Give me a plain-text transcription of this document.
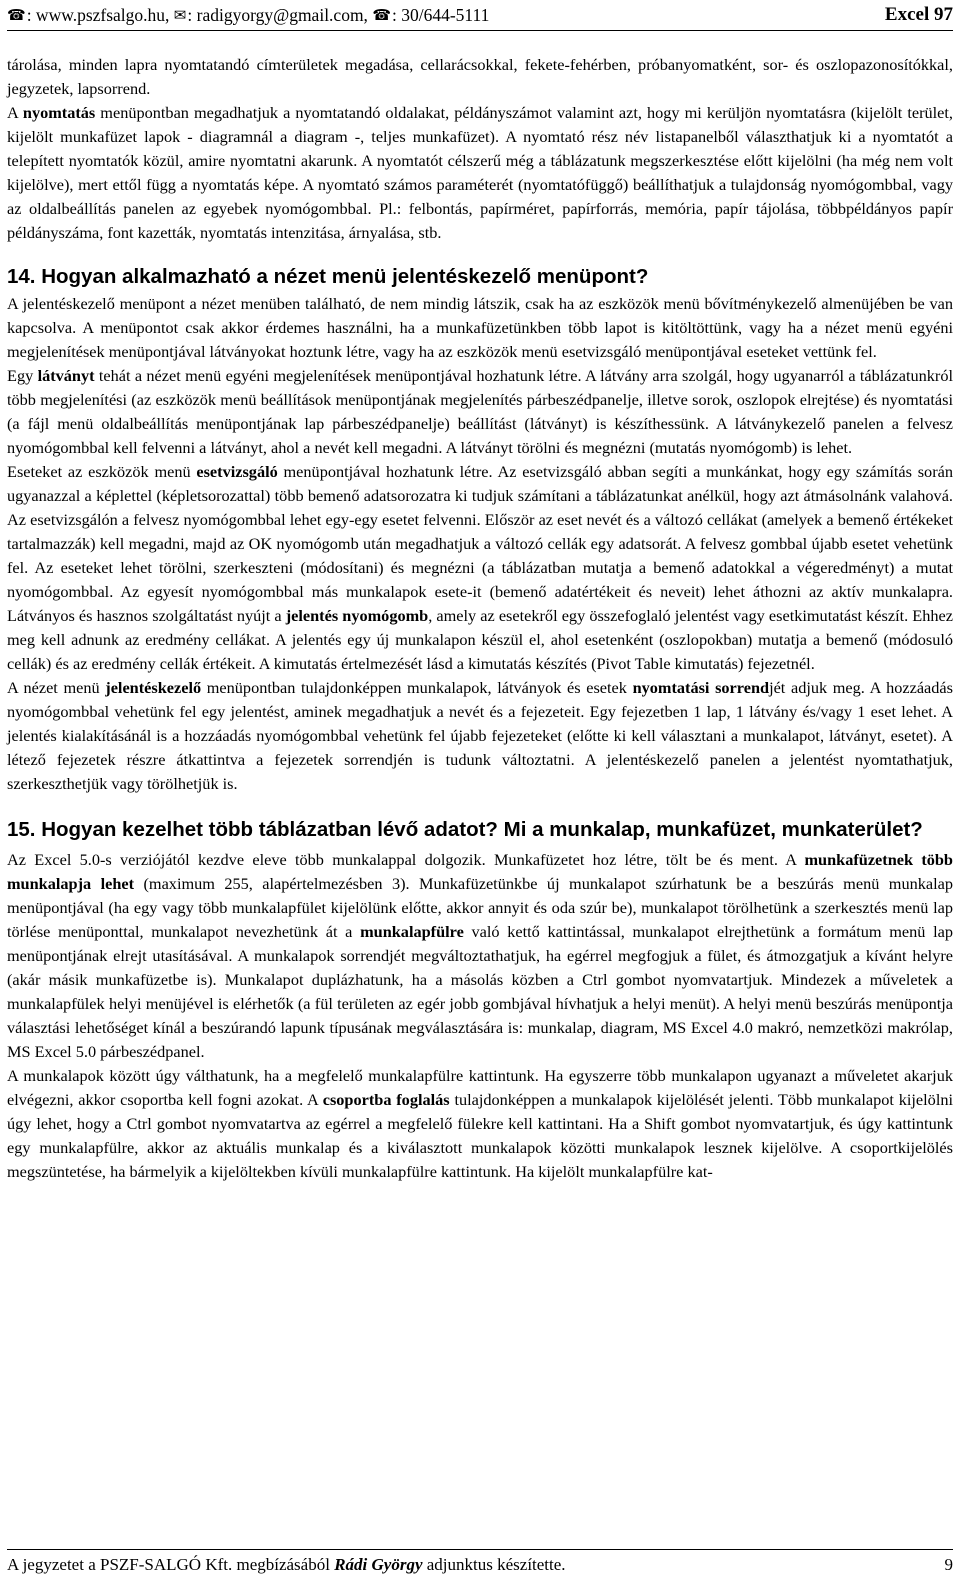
☎ : www.pszfsalgo.hu,
✉ : radigyorgy@gmail.com,
☎ : 30/644-5111	Excel 97

tárolása, minden lapra nyomtatandó címterületek megadása, cellarácsokkal, fekete-fehérben, próbanyomatként, sor- és oszlopazonosítókkal, jegyzetek, lapsorrend.

A nyomtatás menüpontban megadhatjuk a nyomtatandó oldalakat, példányszámot valamint azt, hogy mi kerüljön nyomtatásra (kijelölt terület, kijelölt munkafüzet lapok - diagramnál a diagram -, teljes munkafüzet). A nyomtató rész név listapanelből választhatjuk ki a nyomtatót a telepített nyomtatók közül, amire nyomtatni akarunk. A nyomtatót célszerű még a táblázatunk megszerkesztése előtt kijelölni (ha még nem volt kijelölve), mert ettől függ a nyomtatás képe. A nyomtató számos paraméterét (nyomtatófüggő) beállíthatjuk a tulajdonság nyomógombbal, vagy az oldalbeállítás panelen az egyebek nyomógombbal. Pl.: felbontás, papírméret, papírforrás, memória, papír tájolása, többpéldányos papír példányszáma, font kazetták, nyomtatás intenzitása, árnyalása, stb.

14. Hogyan alkalmazható a nézet menü jelentéskezelő menüpont?

A jelentéskezelő menüpont a nézet menüben található, de nem mindig látszik, csak ha az eszközök menü bővítménykezelő almenüjében be van kapcsolva. A menüpontot csak akkor érdemes használni, ha a munkafüzetünkben több lapot is kitöltöttünk, vagy ha a nézet menü egyéni megjelenítések menüpontjával látványokat hoztunk létre, vagy ha az eszközök menü esetvizsgáló menüpontjával eseteket vettünk fel.

Egy látványt tehát a nézet menü egyéni megjelenítések menüpontjával hozhatunk létre. A látvány arra szolgál, hogy ugyanarról a táblázatunkról több megjelenítési (az eszközök menü beállítások menüpontjának megjelenítés párbeszédpanelje, illetve sorok, oszlopok elrejtése) és nyomtatási (a fájl menü oldalbeállítás menüpontjának lap párbeszédpanelje) beállítást (látványt) is készíthessünk. A látványkezelő panelen a felvesz nyomógombbal kell felvenni a látványt, ahol a nevét kell megadni. A látványt törölni és megnézni (mutatás nyomógomb) is lehet.

Eseteket az eszközök menü esetvizsgáló menüpontjával hozhatunk létre. Az esetvizsgáló abban segíti a munkánkat, hogy egy számítás során ugyanazzal a képlettel (képletsorozattal) több bemenő adatsorozatra ki tudjuk számítani a táblázatunkat anélkül, hogy azt átmásolnánk valahová. Az esetvizsgálón a felvesz nyomógombbal lehet egy-egy esetet felvenni. Először az eset nevét és a változó cellákat (amelyek a bemenő értékeket tartalmazzák) kell megadni, majd az OK nyomógomb után megadhatjuk a változó cellák egy adatsorát. A felvesz gombbal újabb esetet vehetünk fel. Az eseteket lehet törölni, szerkeszteni (módosítani) és megnézni (a táblázatban mutatja a bemenő adatokkal a végeredményt) a mutat nyomógombbal. Az egyesít nyomógombbal más munkalapok esete-it (bemenő adatértékeit és neveit) lehet áthozni az aktív munkalapra. Látványos és hasznos szolgáltatást nyújt a jelentés nyomógomb, amely az esetekről egy összefoglaló jelentést vagy esetkimutatást készít. Ehhez meg kell adnunk az eredmény cellákat. A jelentés egy új munkalapon készül el, ahol esetenként (oszlopokban) mutatja a bemenő (módosuló cellák) és az eredmény cellák értékeit. A kimutatás értelmezését lásd a kimutatás készítés (Pivot Table kimutatás) fejezetnél.

A nézet menü jelentéskezelő menüpontban tulajdonképpen munkalapok, látványok és esetek nyomtatási sorrendjét adjuk meg. A hozzáadás nyomógombbal vehetünk fel egy jelentést, aminek megadhatjuk a nevét és a fejezeteit. Egy fejezetben 1 lap, 1 látvány és/vagy 1 eset lehet. A jelentés kialakításánál is a hozzáadás nyomógombbal vehetünk fel újabb fejezeteket (előtte ki kell választani a munkalapot, látványt, esetet). A létező fejezetek részre átkattintva a fejezetek sorrendjén is tudunk változtatni. A jelentéskezelő panelen a jelentést nyomtathatjuk, szerkeszthetjük vagy törölhetjük is.

15. Hogyan kezelhet több táblázatban lévő adatot? Mi a munkalap, munkafüzet, munkaterület?

Az Excel 5.0-s verziójától kezdve eleve több munkalappal dolgozik. Munkafüzetet hoz létre, tölt be és ment. A munkafüzetnek több munkalapja lehet (maximum 255, alapértelmezésben 3). Munkafüzetünkbe új munkalapot szúrhatunk be a beszúrás menü munkalap menüpontjával (ha egy vagy több munkalapfület kijelölünk előtte, akkor annyit és oda szúr be), munkalapot törölhetünk a szerkesztés menü lap törlése menüponttal, munkalapot nevezhetünk át a munkalapfülre való kettő kattintással, munkalapot elrejthetünk a formátum menü lap menüpontjának elrejt utasításával. A munkalapok sorrendjét megváltoztathatjuk, ha egérrel megfogjuk a fület, és átmozgatjuk a kívánt helyre (akár másik munkafüzetbe is). Munkalapot duplázhatunk, ha a másolás közben a Ctrl gombot nyomvatartjuk. Mindezek a műveletek a munkalapfülek helyi menüjével is elérhetők (a fül területen az egér jobb gombjával hívhatjuk a helyi menüt). A helyi menü beszúrás menüpontja választási lehetőséget kínál a beszúrandó lapunk típusának megválasztására is: munkalap, diagram, MS Excel 4.0 makró, nemzetközi makrólap, MS Excel 5.0 párbeszédpanel.

A munkalapok között úgy válthatunk, ha a megfelelő munkalapfülre kattintunk. Ha egyszerre több munkalapon ugyanazt a műveletet akarjuk elvégezni, akkor csoportba kell fogni azokat. A csoportba foglalás tulajdonképpen a munkalapok kijelölését jelenti. Több munkalapot kijelölni úgy lehet, hogy a Ctrl gombot nyomvatartva az egérrel a megfelelő fülekre kell kattintani. Ha a Shift gombot nyomvatartjuk, és úgy kattintunk egy munkalapfülre, akkor az aktuális munkalap és a kiválasztott munkalapok közötti munkalapok lesznek kijelölve. A csoportkijelölés megszüntetése, ha bármelyik a kijelöltekben kívüli munkalapfülre kattintunk. Ha kijelölt munkalapfülre kat-

A jegyzetet a PSZF-SALGÓ Kft. megbízásából Rádi György adjunktus készítette.	9
